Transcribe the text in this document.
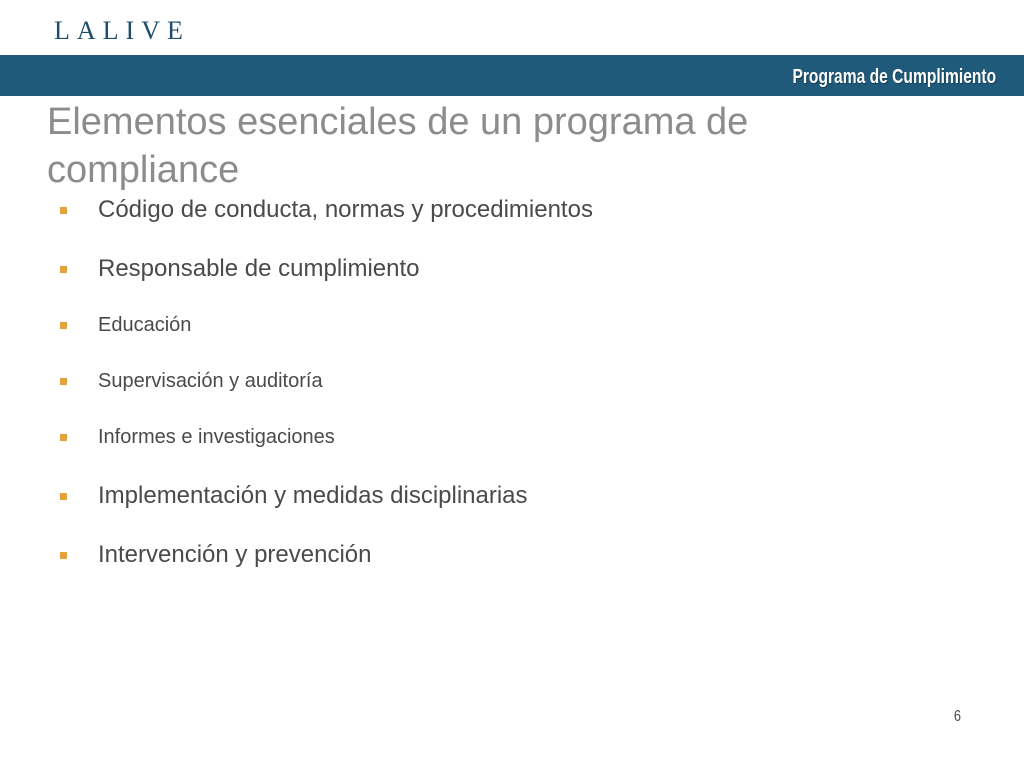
LALIVE
Programa de Cumplimiento
Elementos esenciales de un programa de compliance
Código de conducta, normas y procedimientos
Responsable de cumplimiento
Educación
Supervisación y auditoría
Informes e investigaciones
Implementación y medidas disciplinarias
Intervención y prevención
6
